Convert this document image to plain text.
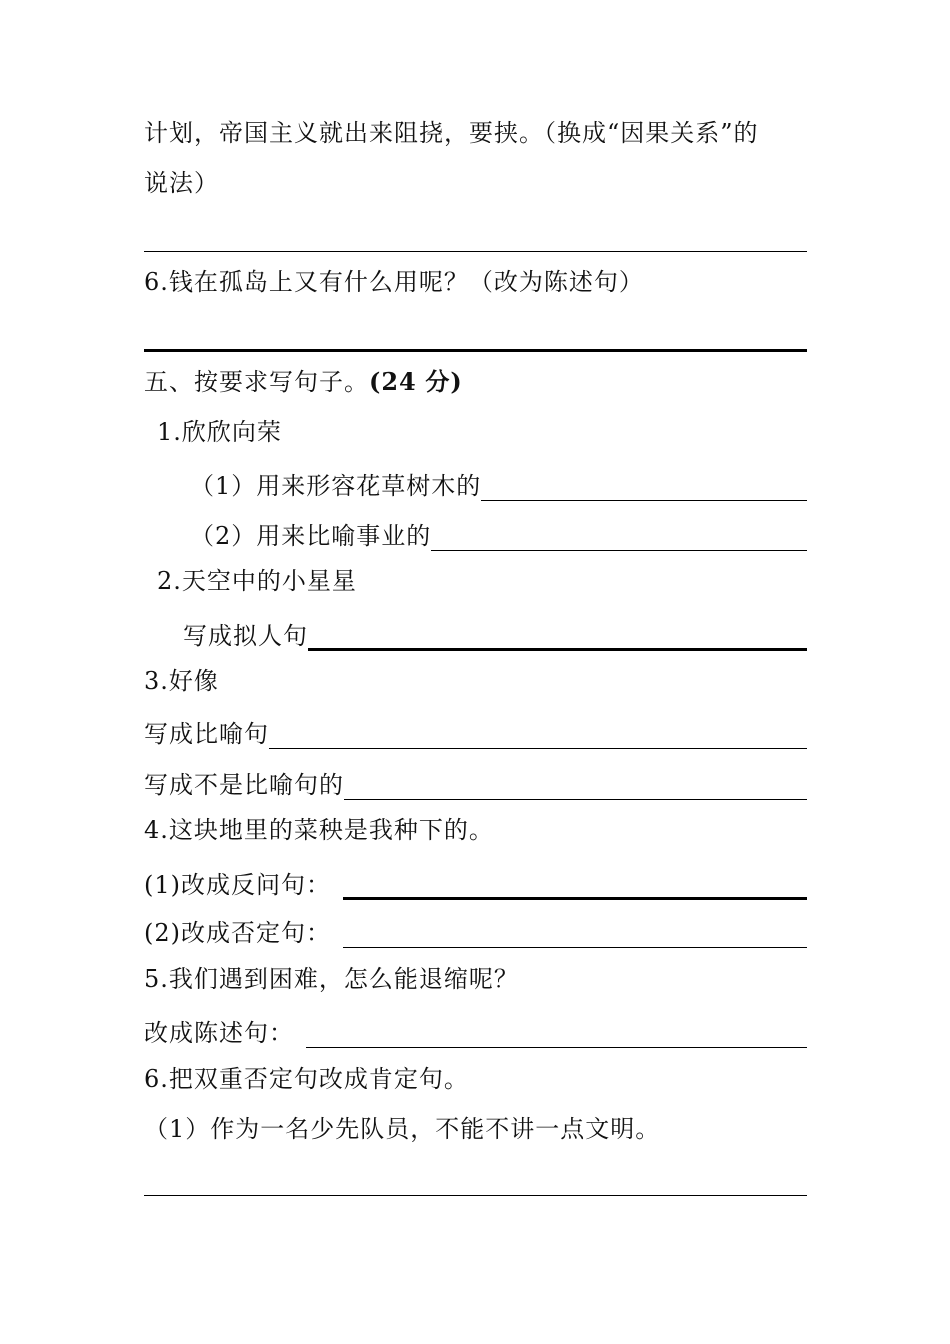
计划，帝国主义就出来阻挠，要挟。（换成“因果关系”的
说法）
6.钱在孤岛上又有什么用呢？（改为陈述句）
五、按要求写句子。(24 分)
1.欣欣向荣
（1）用来形容花草树木的
（2）用来比喻事业的
2.天空中的小星星
写成拟人句
3.好像
写成比喻句
写成不是比喻句的
4.这块地里的菜秧是我种下的。
(1)改成反问句：
(2)改成否定句：
5.我们遇到困难，怎么能退缩呢？
改成陈述句：
6.把双重否定句改成肯定句。
（1）作为一名少先队员，不能不讲一点文明。
